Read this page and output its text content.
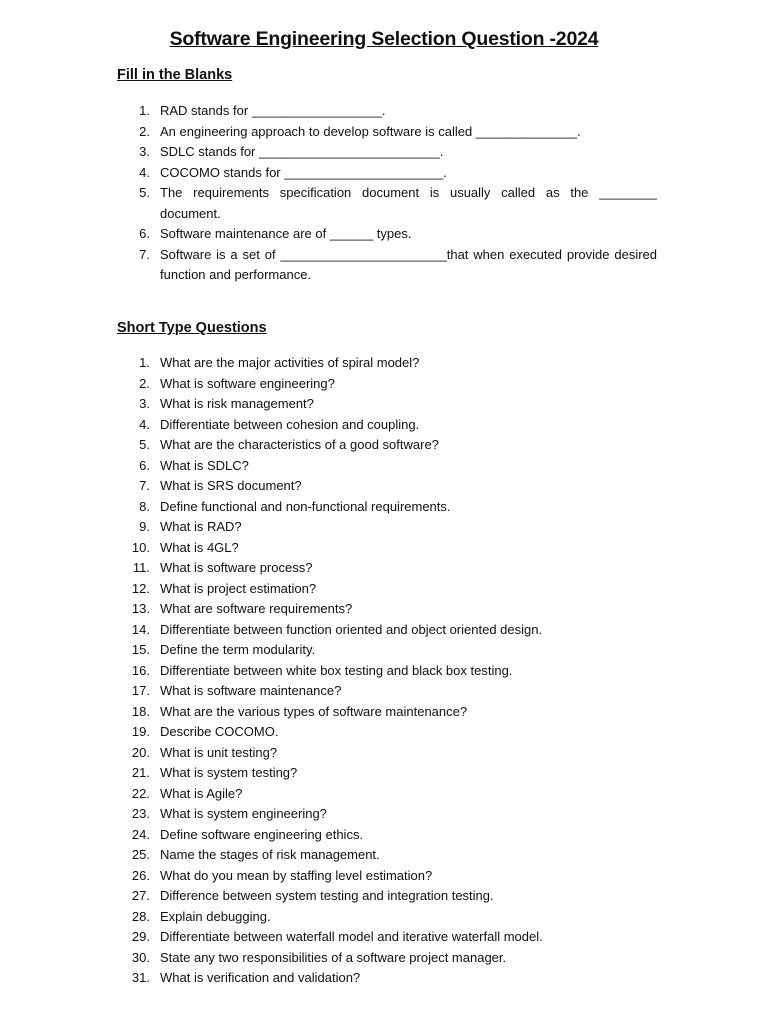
Software Engineering Selection Question -2024
Fill in the Blanks
1. RAD stands for __________________.
2. An engineering approach to develop software is called ______________.
3. SDLC stands for _________________________.
4. COCOMO stands for ______________________.
5. The requirements specification document is usually called as the ________ document.
6. Software maintenance are of ______ types.
7. Software is a set of _______________________that when executed provide desired function and performance.
Short Type Questions
1. What are the major activities of spiral model?
2. What is software engineering?
3. What is risk management?
4. Differentiate between cohesion and coupling.
5. What are the characteristics of a good software?
6. What is SDLC?
7. What is SRS document?
8. Define functional and non-functional requirements.
9. What is RAD?
10. What is 4GL?
11. What is software process?
12. What is project estimation?
13. What are software requirements?
14. Differentiate between function oriented and object oriented design.
15. Define the term modularity.
16. Differentiate between white box testing and black box testing.
17. What is software maintenance?
18. What are the various types of software maintenance?
19. Describe COCOMO.
20. What is unit testing?
21. What is system testing?
22. What is Agile?
23. What is system engineering?
24. Define software engineering ethics.
25. Name the stages of risk management.
26. What do you mean by staffing level estimation?
27. Difference between system testing and integration testing.
28. Explain debugging.
29. Differentiate between waterfall model and iterative waterfall model.
30. State any two responsibilities of a software project manager.
31. What is verification and validation?
